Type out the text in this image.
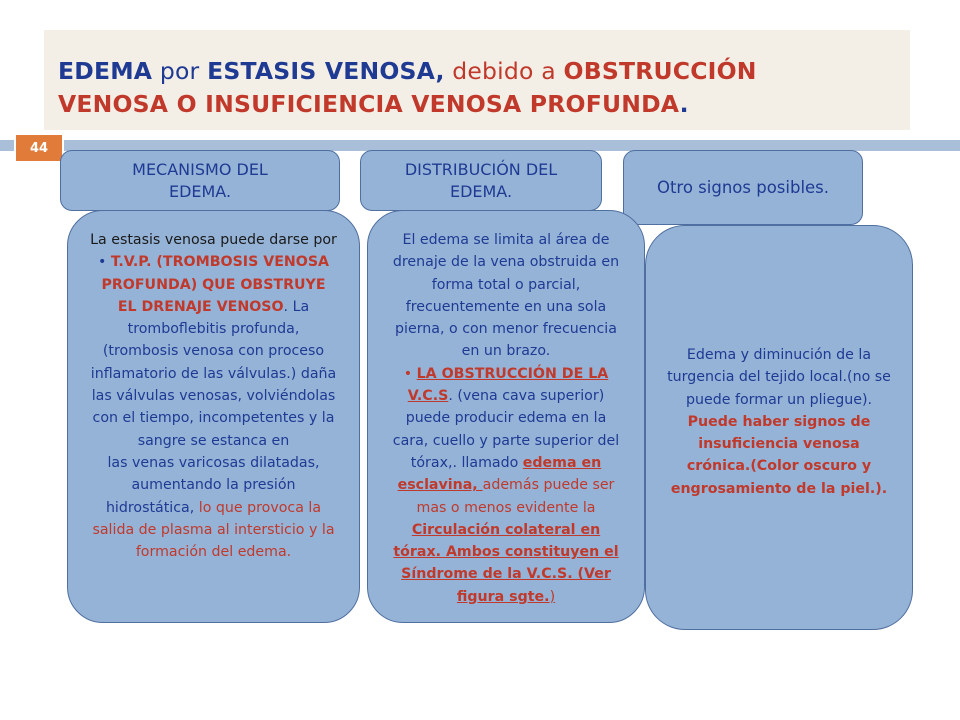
EDEMA por ESTASIS VENOSA, debido a OBSTRUCCIÓN
VENOSA O INSUFICIENCIA VENOSA PROFUNDA.
44
MECANISMO DEL EDEMA.
DISTRIBUCIÓN DEL EDEMA.	Otro signos posibles.
La estasis venosa puede darse por
• T.V.P. (TROMBOSIS VENOSA PROFUNDA) QUE OBSTRUYE EL DRENAJE VENOSO. La tromboflebitis profunda, (trombosis venosa con proceso inflamatorio de las válvulas.) daña las válvulas venosas, volviéndolas con el tiempo, incompetentes y la sangre se estanca en
las venas varicosas dilatadas, aumentando la presión hidrostática, lo que provoca la salida de plasma al intersticio y la formación del edema.
El edema se limita al área de drenaje de la vena obstruida en forma total o parcial, frecuentemente en una sola pierna, o con menor frecuencia en un brazo.
• LA OBSTRUCCIÓN DE LA V.C.S. (vena cava superior) puede producir edema en la cara, cuello y parte superior del tórax,. llamado edema en esclavina, además puede ser mas o menos evidente la Circulación colateral en tórax. Ambos constituyen el Síndrome de la V.C.S. (Ver figura sgte.)
Edema y diminución de la turgencia del tejido local.(no se puede formar un pliegue). Puede haber signos de insuficiencia venosa crónica.(Color oscuro y engrosamiento de la piel.).
